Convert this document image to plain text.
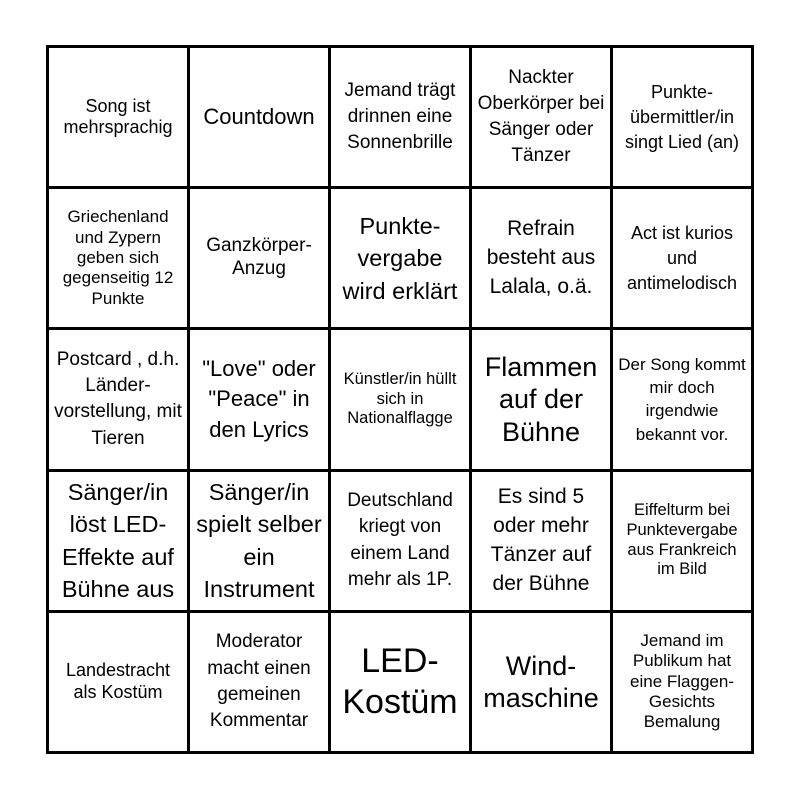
Song ist mehrsprachig	Countdown
Jemand trägt drinnen eine Sonnenbrille
Nackter Oberkörper bei Sänger oder Tänzer
Punkte-übermittler/in singt Lied (an)
Griechenland und Zypern geben sich gegenseitig 12 Punkte
Ganzkörper-Anzug
Punkte-vergabe wird erklärt
Refrain besteht aus Lalala, o.ä.
Act ist kurios und antimelodisch
Postcard , d.h. Länder-vorstellung, mit Tieren
"Love" oder "Peace" in den Lyrics
Künstler/in hüllt sich in Nationalflagge
Flammen auf der Bühne
Der Song kommt mir doch irgendwie bekannt vor.
Sänger/in löst LED-Effekte auf Bühne aus
Sänger/in spielt selber ein Instrument
Deutschland kriegt von einem Land mehr als 1P.
Es sind 5 oder mehr Tänzer auf der Bühne
Eiffelturm bei Punktevergabe aus Frankreich im Bild
Landestracht als Kostüm
Moderator macht einen gemeinen Kommentar
LED-Kostüm
Wind-maschine
Jemand im Publikum hat eine Flaggen-Gesichts Bemalung
